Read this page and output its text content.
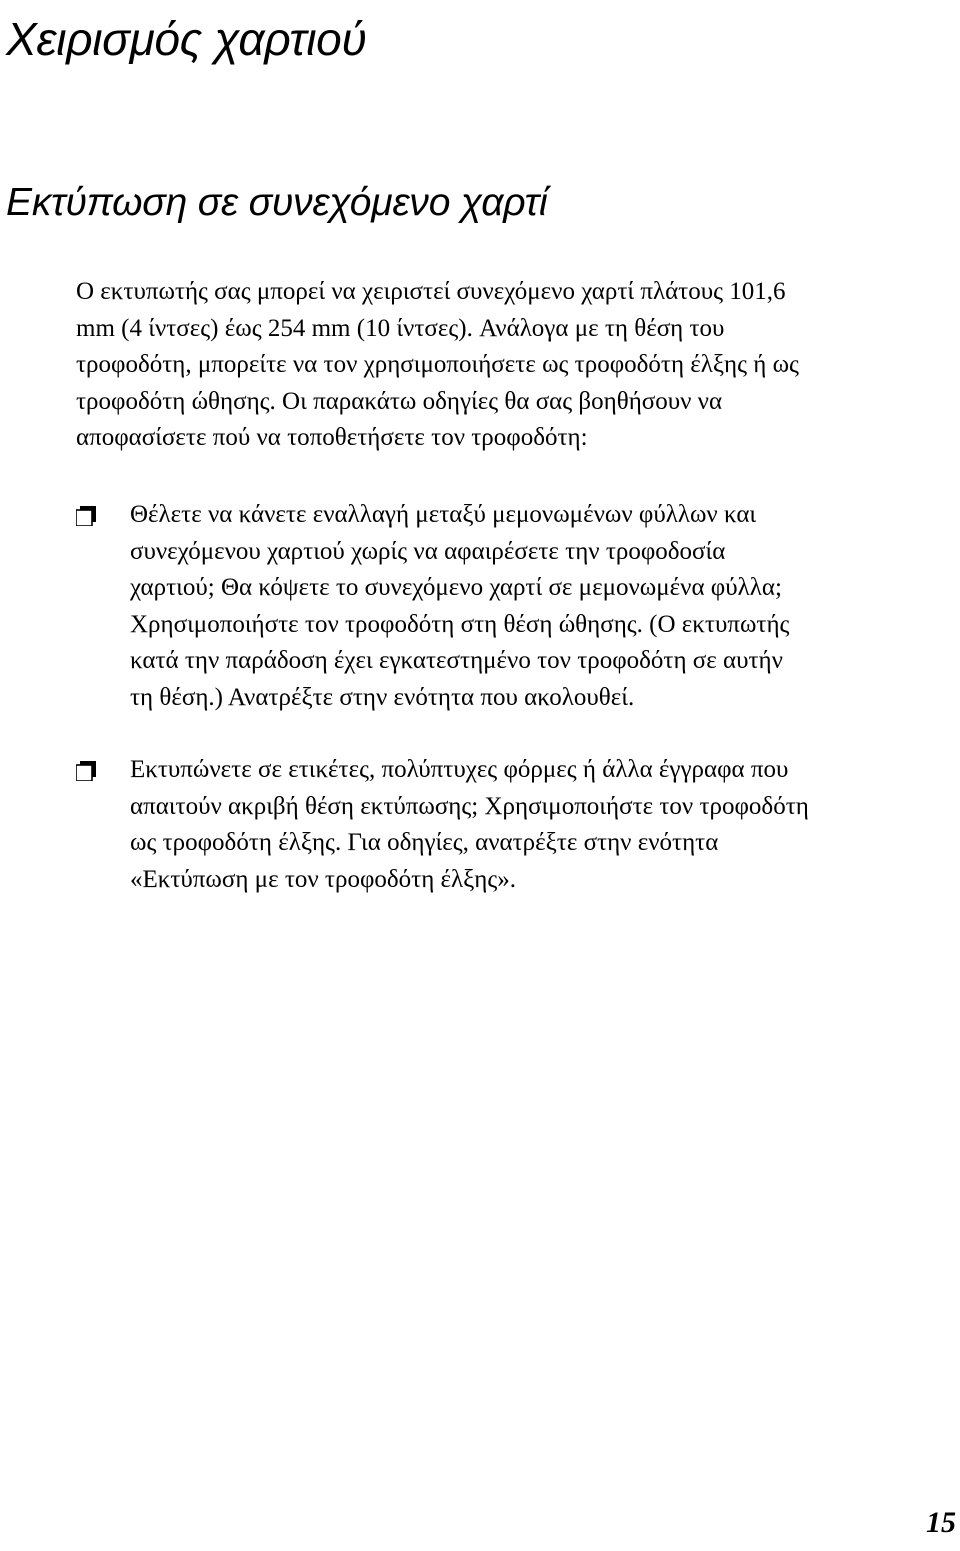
Χειρισμός χαρτιού
Εκτύπωση σε συνεχόμενο χαρτί

Ο εκτυπωτής σας μπορεί να χειριστεί συνεχόμενο χαρτί πλάτους 101,6
mm (4 ίντσες) έως 254 mm (10 ίντσες). Ανάλογα με τη θέση του
τροφοδότη, μπορείτε να τον χρησιμοποιήσετε ως τροφοδότη έλξης ή ως
τροφοδότη ώθησης. Οι παρακάτω οδηγίες θα σας βοηθήσουν να
αποφασίσετε πού να τοποθετήσετε τον τροφοδότη:

Θέλετε να κάνετε εναλλαγή μεταξύ μεμονωμένων φύλλων και
συνεχόμενου χαρτιού χωρίς να αφαιρέσετε την τροφοδοσία
χαρτιού; Θα κόψετε το συνεχόμενο χαρτί σε μεμονωμένα φύλλα;
Χρησιμοποιήστε τον τροφοδότη στη θέση ώθησης. (Ο εκτυπωτής
κατά την παράδοση έχει εγκατεστημένο τον τροφοδότη σε αυτήν
τη θέση.) Ανατρέξτε στην ενότητα που ακολουθεί.
Εκτυπώνετε σε ετικέτες, πολύπτυχες φόρμες ή άλλα έγγραφα που
απαιτούν ακριβή θέση εκτύπωσης; Χρησιμοποιήστε τον τροφοδότη
ως τροφοδότη έλξης. Για οδηγίες, ανατρέξτε στην ενότητα
«Εκτύπωση με τον τροφοδότη έλξης».

15
